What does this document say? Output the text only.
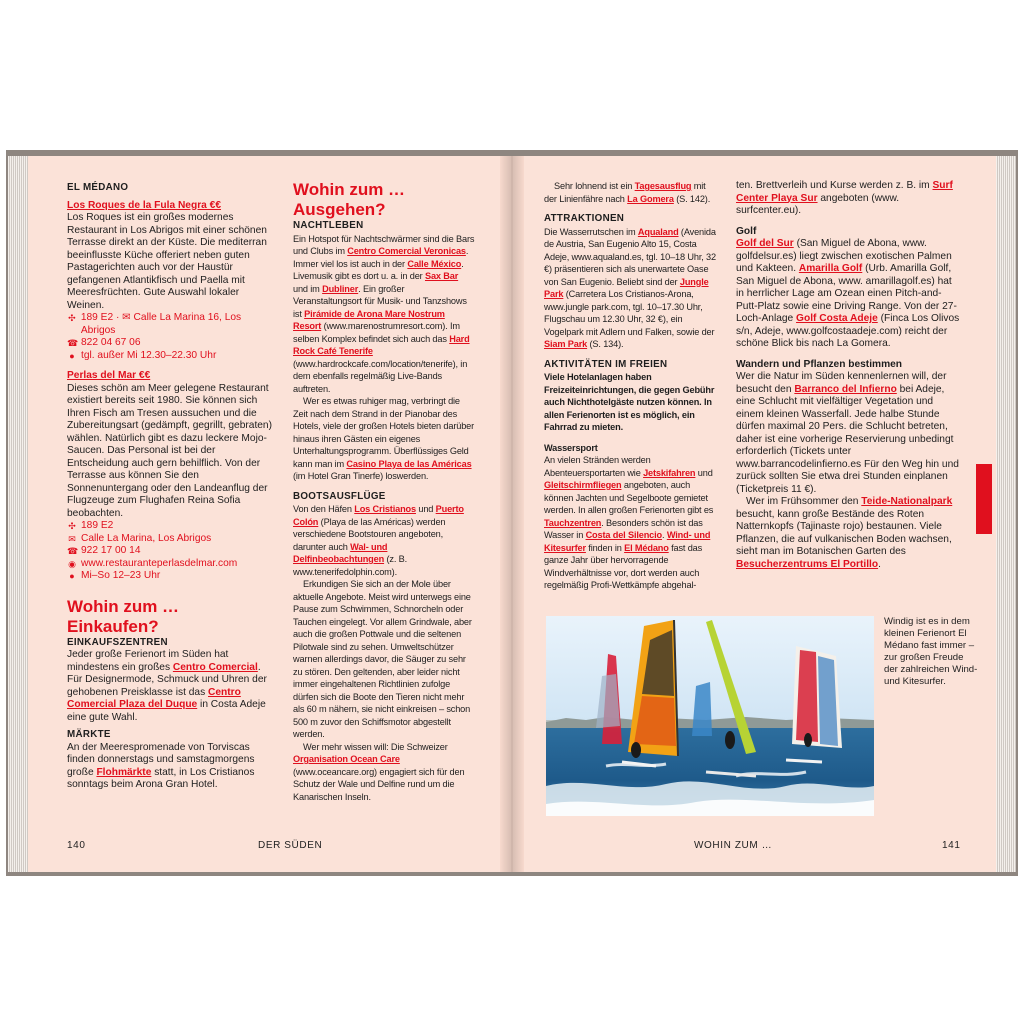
EL MÉDANO

Los Roques de la Fula Negra €€

Los Roques ist ein großes modernes Restaurant in Los Abrigos mit einer schönen Terrasse direkt an der Küste. Die mediterran beeinflusste Küche offeriert neben guten Pastagerichten auch vor der Haustür gefangenen Atlantikfisch und Paella mit Meeresfrüchten. Gute Auswahl lokaler Weinen.

✣ 189 E2 · ✉ Calle La Marina 16, Los Abrigos

☎ 822 04 67 06

● tgl. außer Mi 12.30–22.30 Uhr

Perlas del Mar €€

Dieses schön am Meer gelegene Restaurant existiert bereits seit 1980. Sie können sich Ihren Fisch am Tresen aussuchen und die Zubereitungsart (gedämpft, gegrillt, gebraten) wählen. Natürlich gibt es dazu leckere Mojo-Saucen. Das Personal ist bei der Entscheidung auch gern behilflich. Von der Terrasse aus können Sie den Sonnenuntergang oder den Landeanflug der Flugzeuge zum Flughafen Reina Sofia beobachten.

✣ 189 E2

✉ Calle La Marina, Los Abrigos

☎ 922 17 00 14

◉ www.restauranteperlasdelmar.com

● Mi–So 12–23 Uhr

Wohin zum …
Einkaufen?

EINKAUFSZENTREN

Jeder große Ferienort im Süden hat mindestens ein großes Centro Comercial. Für Designermode, Schmuck und Uhren der gehobenen Preisklasse ist das Centro Comercial Plaza del Duque in Costa Adeje eine gute Wahl.

MÄRKTE

An der Meerespromenade von Torviscas finden donnerstags und samstagmorgens große Flohmärkte statt, in Los Cristianos sonntags beim Arona Gran Hotel.

Wohin zum …
Ausgehen?

NACHTLEBEN

Ein Hotspot für Nachtschwärmer sind die Bars und Clubs im Centro Comercial Veronicas. Immer viel los ist auch in der Calle México. Livemusik gibt es dort u. a. in der Sax Bar und im Dubliner. Ein großer Veranstaltungsort für Musik- und Tanzshows ist Pirámide de Arona Mare Nostrum Resort (www.marenostrumresort.com). Im selben Komplex befindet sich auch das Hard Rock Café Tenerife (www.hardrockcafe.com/location/tenerife), in dem ebenfalls regelmäßig Live-Bands auftreten.

Wer es etwas ruhiger mag, verbringt die Zeit nach dem Strand in der Pianobar des Hotels, viele der großen Hotels bieten darüber hinaus ihren Gästen ein eigenes Unterhaltungsprogramm. Überflüssiges Geld kann man im Casino Playa de las Américas (im Hotel Gran Tinerfe) loswerden.

BOOTSAUSFLÜGE

Von den Häfen Los Cristianos und Puerto Colón (Playa de las Américas) werden verschiedene Bootstouren angeboten, darunter auch Wal- und Delfinbeobachtungen (z. B. www.tenerifedolphin.com).

Erkundigen Sie sich an der Mole über aktuelle Angebote. Meist wird unterwegs eine Pause zum Schwimmen, Schnorcheln oder Tauchen eingelegt. Vor allem Grindwale, aber auch die großen Pottwale und die seltenen Pilotwale sind zu sehen. Umweltschützer warnen allerdings davor, die Säuger zu sehr zu stören. Den geltenden, aber leider nicht immer eingehaltenen Richtlinien zufolge dürfen sich die Boote den Tieren nicht mehr als 60 m nähern, sie nicht einkreisen – schon 500 m zuvor den Schiffsmotor abgestellt werden.

Wer mehr wissen will: Die Schweizer Organisation Ocean Care (www.oceancare.org) engagiert sich für den Schutz der Wale und Delfine rund um die Kanarischen Inseln.

140	DER SÜDEN

Sehr lohnend ist ein Tagesausflug mit der Linienfähre nach La Gomera (S. 142).

ATTRAKTIONEN

Die Wasserrutschen im Aqualand (Avenida de Austria, San Eugenio Alto 15, Costa Adeje, www.aqualand.es, tgl. 10–18 Uhr, 32 €) präsentieren sich als unerwartete Oase von San Eugenio. Beliebt sind der Jungle Park (Carretera Los Cristianos-Arona, www.jungle park.com, tgl. 10–17.30 Uhr, Flugschau um 12.30 Uhr, 32 €), ein Vogelpark mit Adlern und Falken, sowie der Siam Park (S. 134).

AKTIVITÄTEN IM FREIEN

Viele Hotelanlagen haben Freizeiteinrichtungen, die gegen Gebühr auch Nichthotelgäste nutzen können. In allen Ferienorten ist es möglich, ein Fahrrad zu mieten.

Wassersport

An vielen Stränden werden Abenteuersportarten wie Jetskifahren und Gleitschirmfliegen angeboten, auch können Jachten und Segelboote gemietet werden. In allen großen Ferienorten gibt es Tauchzentren. Besonders schön ist das Wasser in Costa del Silencio. Wind- und Kitesurfer finden in El Médano fast das ganze Jahr über hervorragende Windverhältnisse vor, dort werden auch regelmäßig Profi-Wettkämpfe abgehal-

ten. Brettverleih und Kurse werden z. B. im Surf Center Playa Sur angeboten (www. surfcenter.eu).

Golf

Golf del Sur (San Miguel de Abona, www. golfdelsur.es) liegt zwischen exotischen Palmen und Kakteen. Amarilla Golf (Urb. Amarilla Golf, San Miguel de Abona, www. amarillagolf.es) hat in herrlicher Lage am Ozean einen Pitch-and-Putt-Platz sowie eine Driving Range. Von der 27-Loch-Anlage Golf Costa Adeje (Finca Los Olivos s/n, Adeje, www.golfcostaadeje.com) reicht der schöne Blick bis nach La Gomera.

Wandern und Pflanzen bestimmen

Wer die Natur im Süden kennenlernen will, der besucht den Barranco del Infierno bei Adeje, eine Schlucht mit vielfältiger Vegetation und einem kleinen Wasserfall. Jede halbe Stunde dürfen maximal 20 Pers. die Schlucht betreten, daher ist eine vorherige Reservierung unbedingt erforderlich (Tickets unter www.barrancodelinfierno.es Für den Weg hin und zurück sollten Sie etwa drei Stunden einplanen (Ticketpreis 11 €).

Wer im Frühsommer den Teide-Nationalpark besucht, kann große Bestände des Roten Natternkopfs (Tajinaste rojo) bestaunen. Viele Pflanzen, die auf vulkanischen Boden wachsen, sieht man im Botanischen Garten des Besucherzentrums El Portillo.

Windig ist es in dem kleinen Ferienort El Médano fast immer – zur großen Freude der zahlreichen Wind- und Kitesurfer.
WOHIN ZUM …	141
